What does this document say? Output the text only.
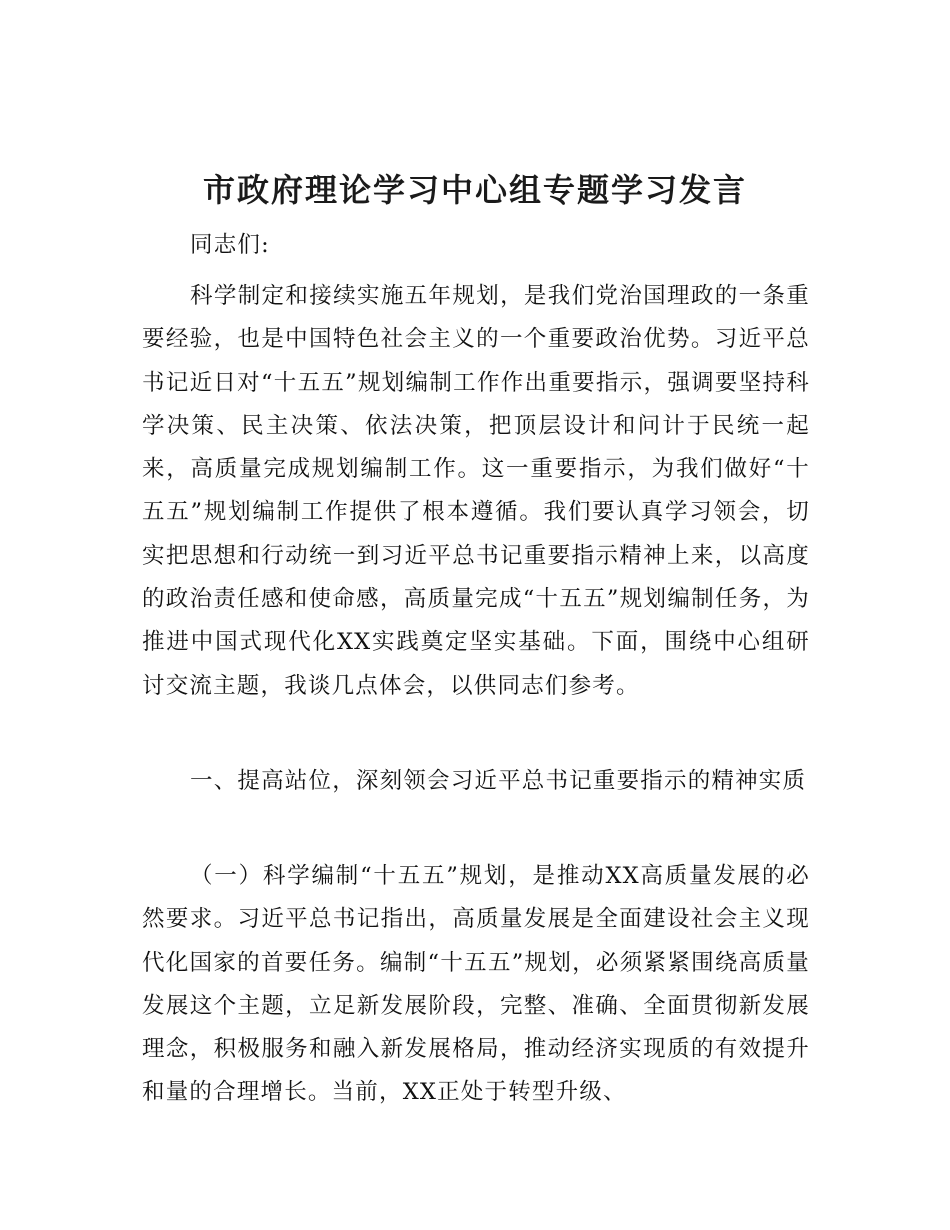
市政府理论学习中心组专题学习发言

同志们:

科学制定和接续实施五年规划，是我们党治国理政的一条重要经验，也是中国特色社会主义的一个重要政治优势。习近平总书记近日对“十五五”规划编制工作作出重要指示，强调要坚持科学决策、民主决策、依法决策，把顶层设计和问计于民统一起来，高质量完成规划编制工作。这一重要指示，为我们做好“十五五”规划编制工作提供了根本遵循。我们要认真学习领会，切实把思想和行动统一到习近平总书记重要指示精神上来，以高度的政治责任感和使命感，高质量完成“十五五”规划编制任务，为推进中国式现代化XX实践奠定坚实基础。下面，围绕中心组研讨交流主题，我谈几点体会，以供同志们参考。

一、提高站位，深刻领会习近平总书记重要指示的精神实质

（一）科学编制“十五五”规划，是推动XX高质量发展的必然要求。习近平总书记指出，高质量发展是全面建设社会主义现代化国家的首要任务。编制“十五五”规划，必须紧紧围绕高质量发展这个主题，立足新发展阶段，完整、准确、全面贯彻新发展理念，积极服务和融入新发展格局，推动经济实现质的有效提升和量的合理增长。当前，XX正处于转型升级、
